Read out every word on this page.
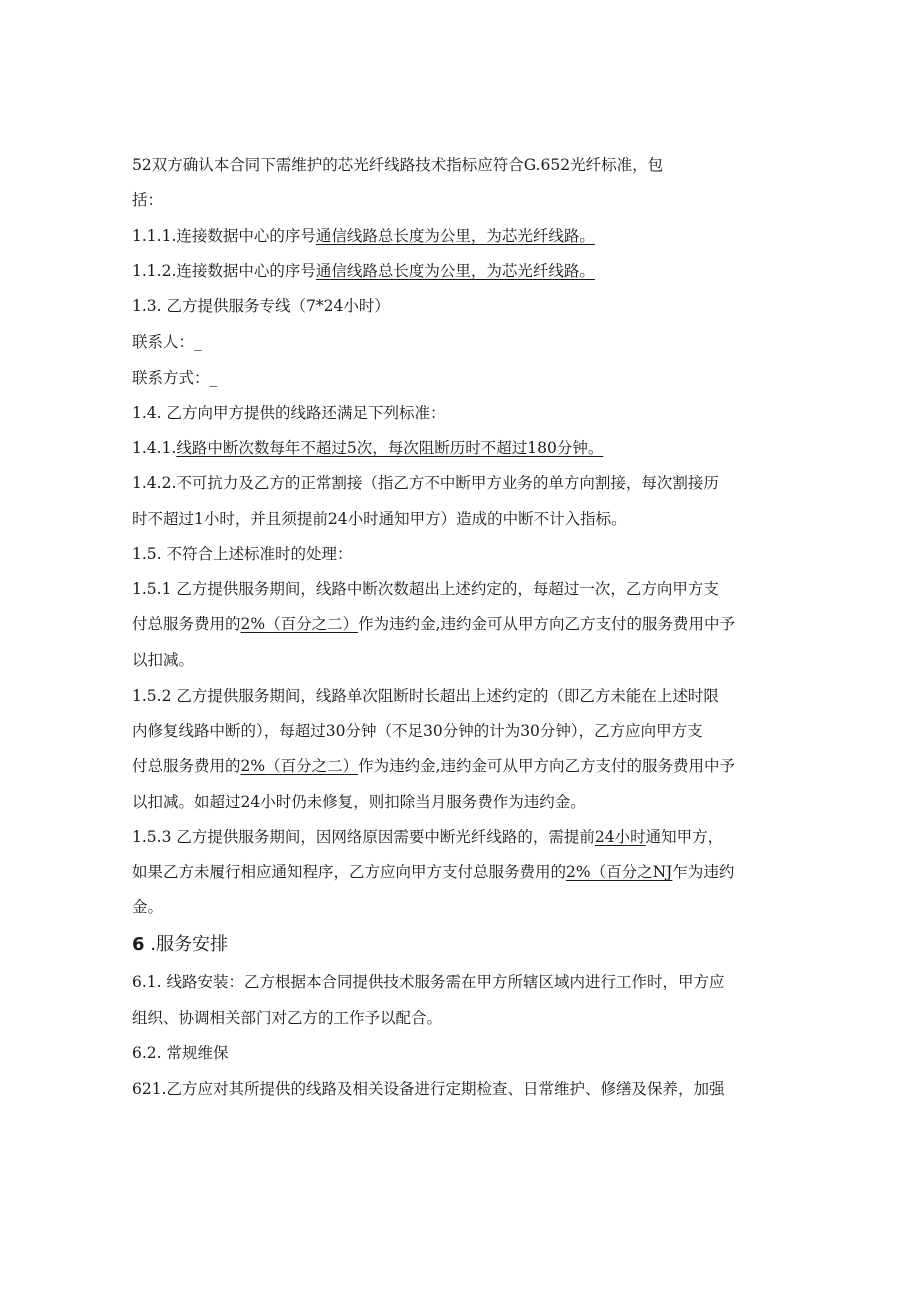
52双方确认本合同下需维护的芯光纤线路技术指标应符合G.652光纤标准，包
括：
1.1.1.连接数据中心的序号通信线路总长度为公里，为芯光纤线路。
1.1.2.连接数据中心的序号通信线路总长度为公里，为芯光纤线路。
1.3. 乙方提供服务专线（7*24小时）
联系人：_
联系方式：_
1.4. 乙方向甲方提供的线路还满足下列标准：
1.4.1.线路中断次数每年不超过5次，每次阻断历时不超过180分钟。
1.4.2.不可抗力及乙方的正常割接（指乙方不中断甲方业务的单方向割接，每次割接历
时不超过1小时，并且须提前24小时通知甲方）造成的中断不计入指标。
1.5. 不符合上述标准时的处理：
1.5.1 乙方提供服务期间，线路中断次数超出上述约定的，每超过一次，乙方向甲方支
付总服务费用的2%（百分之二）作为违约金,违约金可从甲方向乙方支付的服务费用中予
以扣减。
1.5.2 乙方提供服务期间，线路单次阻断时长超出上述约定的（即乙方未能在上述时限
内修复线路中断的），每超过30分钟（不足30分钟的计为30分钟），乙方应向甲方支
付总服务费用的2%（百分之二）作为违约金,违约金可从甲方向乙方支付的服务费用中予
以扣减。如超过24小时仍未修复，则扣除当月服务费作为违约金。
1.5.3 乙方提供服务期间，因网络原因需要中断光纤线路的，需提前24小时通知甲方，
如果乙方未履行相应通知程序，乙方应向甲方支付总服务费用的2%（百分之NJ乍为违约
金。
6 .服务安排
6.1. 线路安装：乙方根据本合同提供技术服务需在甲方所辖区域内进行工作时，甲方应
组织、协调相关部门对乙方的工作予以配合。
6.2. 常规维保
621.乙方应对其所提供的线路及相关设备进行定期检查、日常维护、修缮及保养，加强
